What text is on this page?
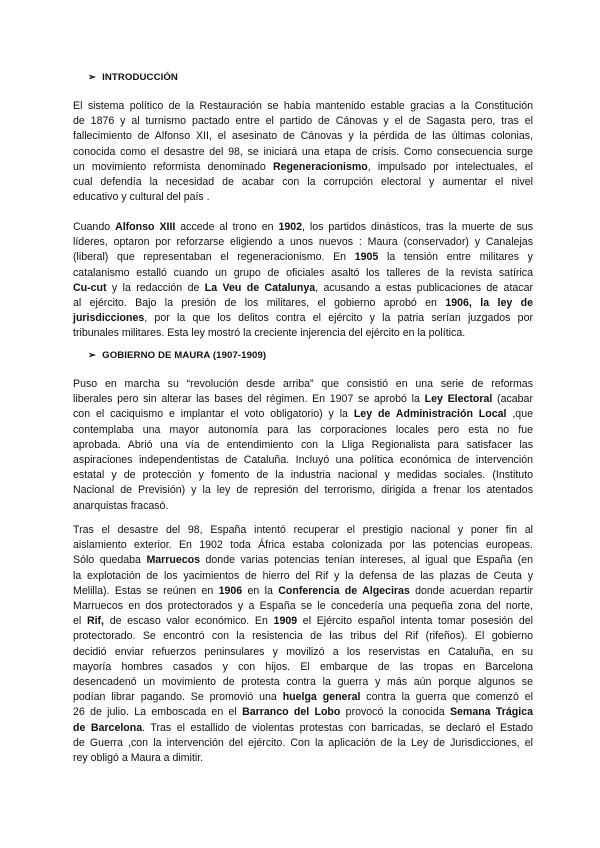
➢ INTRODUCCIÓN
El sistema político de la Restauración se había mantenido estable gracias a la Constitución
de 1876 y al turnismo pactado entre el partido de Cánovas y el de Sagasta pero, tras el
fallecimiento de Alfonso XII, el asesinato de Cánovas y la pérdida de las últimas colonias,
conocida como el desastre del 98, se iniciará una etapa de crisis. Como consecuencia surge
un movimiento reformista denominado Regeneracionismo, impulsado por intelectuales, el
cual defendía la necesidad de acabar con la corrupción electoral y aumentar el nivel
educativo y cultural del país .
Cuando Alfonso XIII accede al trono en 1902, los partidos dinásticos, tras la muerte de sus
líderes, optaron por reforzarse eligiendo a unos nuevos : Maura (conservador) y Canalejas
(liberal) que representaban el regeneracionismo. En 1905 la tensión entre militares y
catalanismo estalló cuando un grupo de oficiales asaltó los talleres de la revista satírica
Cu-cut y la redacción de La Veu de Catalunya, acusando a estas publicaciones de atacar
al ejército. Bajo la presión de los militares, el gobierno aprobó en 1906, la ley de
jurisdicciones, por la que los delitos contra el ejército y la patria serían juzgados por
tribunales militares. Esta ley mostró la creciente injerencia del ejército en la política.
➢ GOBIERNO DE MAURA (1907-1909)
Puso en marcha su “revolución desde arriba” que consistió en una serie de reformas
liberales pero sin alterar las bases del régimen. En 1907 se aprobó la Ley Electoral (acabar
con el caciquismo e implantar el voto obligatorio) y la Ley de Administración Local ,que
contemplaba una mayor autonomía para las corporaciones locales pero esta no fue
aprobada. Abrió una vía de entendimiento con la Lliga Regionalista para satisfacer las
aspiraciones independentistas de Cataluña. Incluyó una política económica de intervención
estatal y de protección y fomento de la industria nacional y medidas sociales. (Instituto
Nacional de Previsión) y la ley de represión del terrorismo, dirigida a frenar los atentados
anarquistas fracasó.
Tras el desastre del 98, España intentó recuperar el prestigio nacional y poner fin al
aislamiento exterior. En 1902 toda África estaba colonizada por las potencias europeas.
Sólo quedaba Marruecos donde varias potencias tenían intereses, al igual que España (en
la explotación de los yacimientos de hierro del Rif y la defensa de las plazas de Ceuta y
Melilla). Estas se reúnen en 1906 en la Conferencia de Algeciras donde acuerdan repartir
Marruecos en dos protectorados y a España se le concedería una pequeña zona del norte,
el Rif, de escaso valor económico. En 1909 el Ejército español intenta tomar posesión del
protectorado. Se encontró con la resistencia de las tribus del Rif (rifeños). El gobierno
decidió enviar refuerzos peninsulares y movilizó a los reservistas en Cataluña, en su
mayoría hombres casados y con hijos. El embarque de las tropas en Barcelona
desencadenó un movimiento de protesta contra la guerra y más aún porque algunos se
podían librar pagando. Se promovió una huelga general contra la guerra que comenzó el
26 de julio. La emboscada en el Barranco del Lobo provocó la conocida Semana Trágica
de Barcelona. Tras el estallido de violentas protestas con barricadas, se declaró el Estado
de Guerra ,con la intervención del ejército. Con la aplicación de la Ley de Jurisdicciones, el
rey obligó a Maura a dimitir.
